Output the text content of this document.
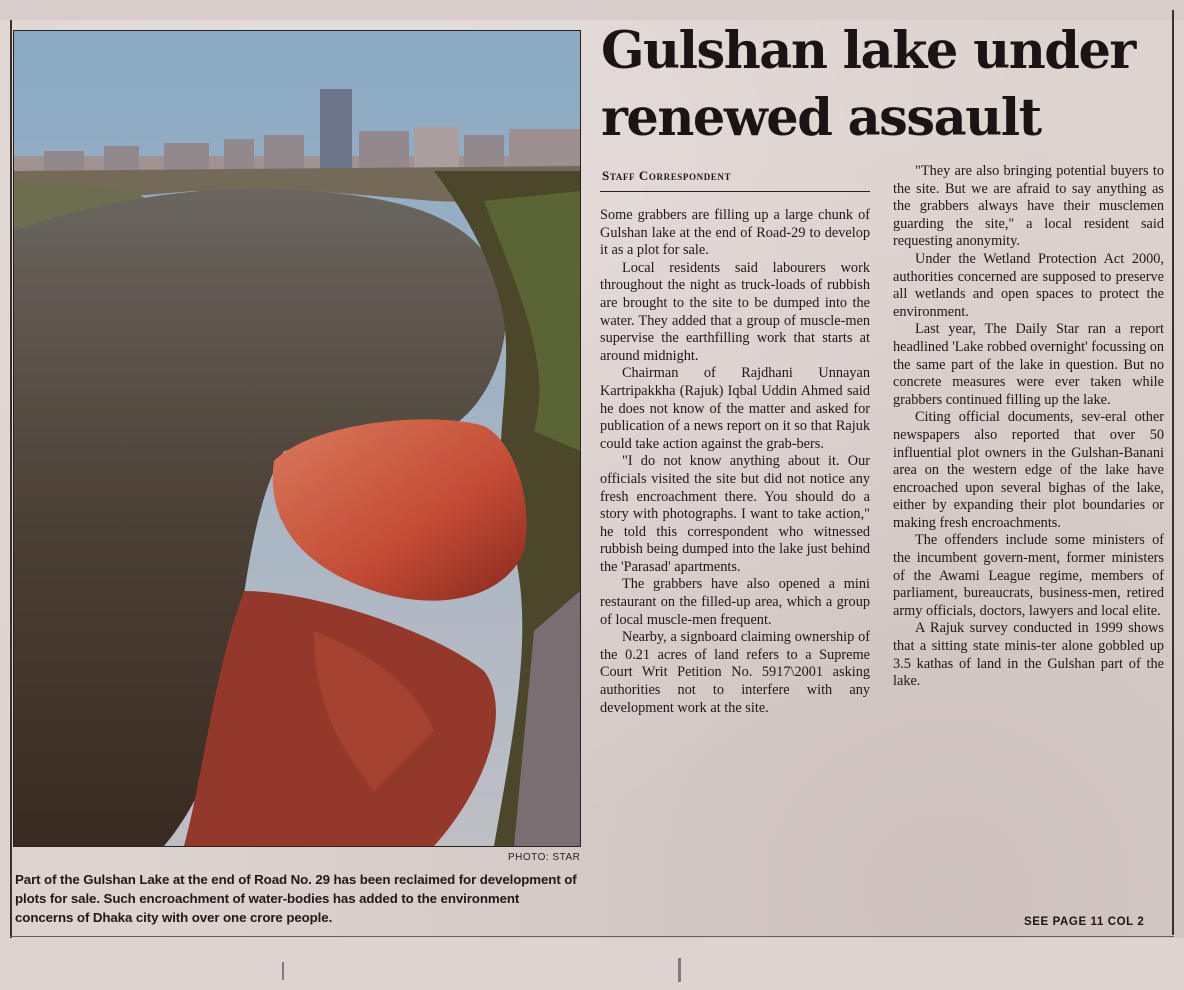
PHOTO: STAR
Part of the Gulshan Lake at the end of Road No. 29 has been reclaimed for development of plots for sale. Such encroachment of water-bodies has added to the environment concerns of Dhaka city with over one crore people.
Gulshan lake under renewed assault
Staff Correspondent

Some grabbers are filling up a large chunk of Gulshan lake at the end of Road-29 to develop it as a plot for sale.

Local residents said labourers work throughout the night as truck-loads of rubbish are brought to the site to be dumped into the water. They added that a group of muscle-men supervise the earthfilling work that starts at around midnight.

Chairman of Rajdhani Unnayan Kartripakkha (Rajuk) Iqbal Uddin Ahmed said he does not know of the matter and asked for publication of a news report on it so that Rajuk could take action against the grab-bers.

"I do not know anything about it. Our officials visited the site but did not notice any fresh encroachment there. You should do a story with photographs. I want to take action," he told this correspondent who witnessed rubbish being dumped into the lake just behind the 'Parasad' apartments.

The grabbers have also opened a mini restaurant on the filled-up area, which a group of local muscle-men frequent.

Nearby, a signboard claiming ownership of the 0.21 acres of land refers to a Supreme Court Writ Petition No. 5917\2001 asking authorities not to interfere with any development work at the site.

"They are also bringing potential buyers to the site. But we are afraid to say anything as the grabbers always have their musclemen guarding the site," a local resident said requesting anonymity.

Under the Wetland Protection Act 2000, authorities concerned are supposed to preserve all wetlands and open spaces to protect the environment.

Last year, The Daily Star ran a report headlined 'Lake robbed overnight' focussing on the same part of the lake in question. But no concrete measures were ever taken while grabbers continued filling up the lake.

Citing official documents, sev-eral other newspapers also reported that over 50 influential plot owners in the Gulshan-Banani area on the western edge of the lake have encroached upon several bighas of the lake, either by expanding their plot boundaries or making fresh encroachments.

The offenders include some ministers of the incumbent govern-ment, former ministers of the Awami League regime, members of parliament, bureaucrats, business-men, retired army officials, doctors, lawyers and local elite.

A Rajuk survey conducted in 1999 shows that a sitting state minis-ter alone gobbled up 3.5 kathas of land in the Gulshan part of the lake.

SEE PAGE 11 COL 2
